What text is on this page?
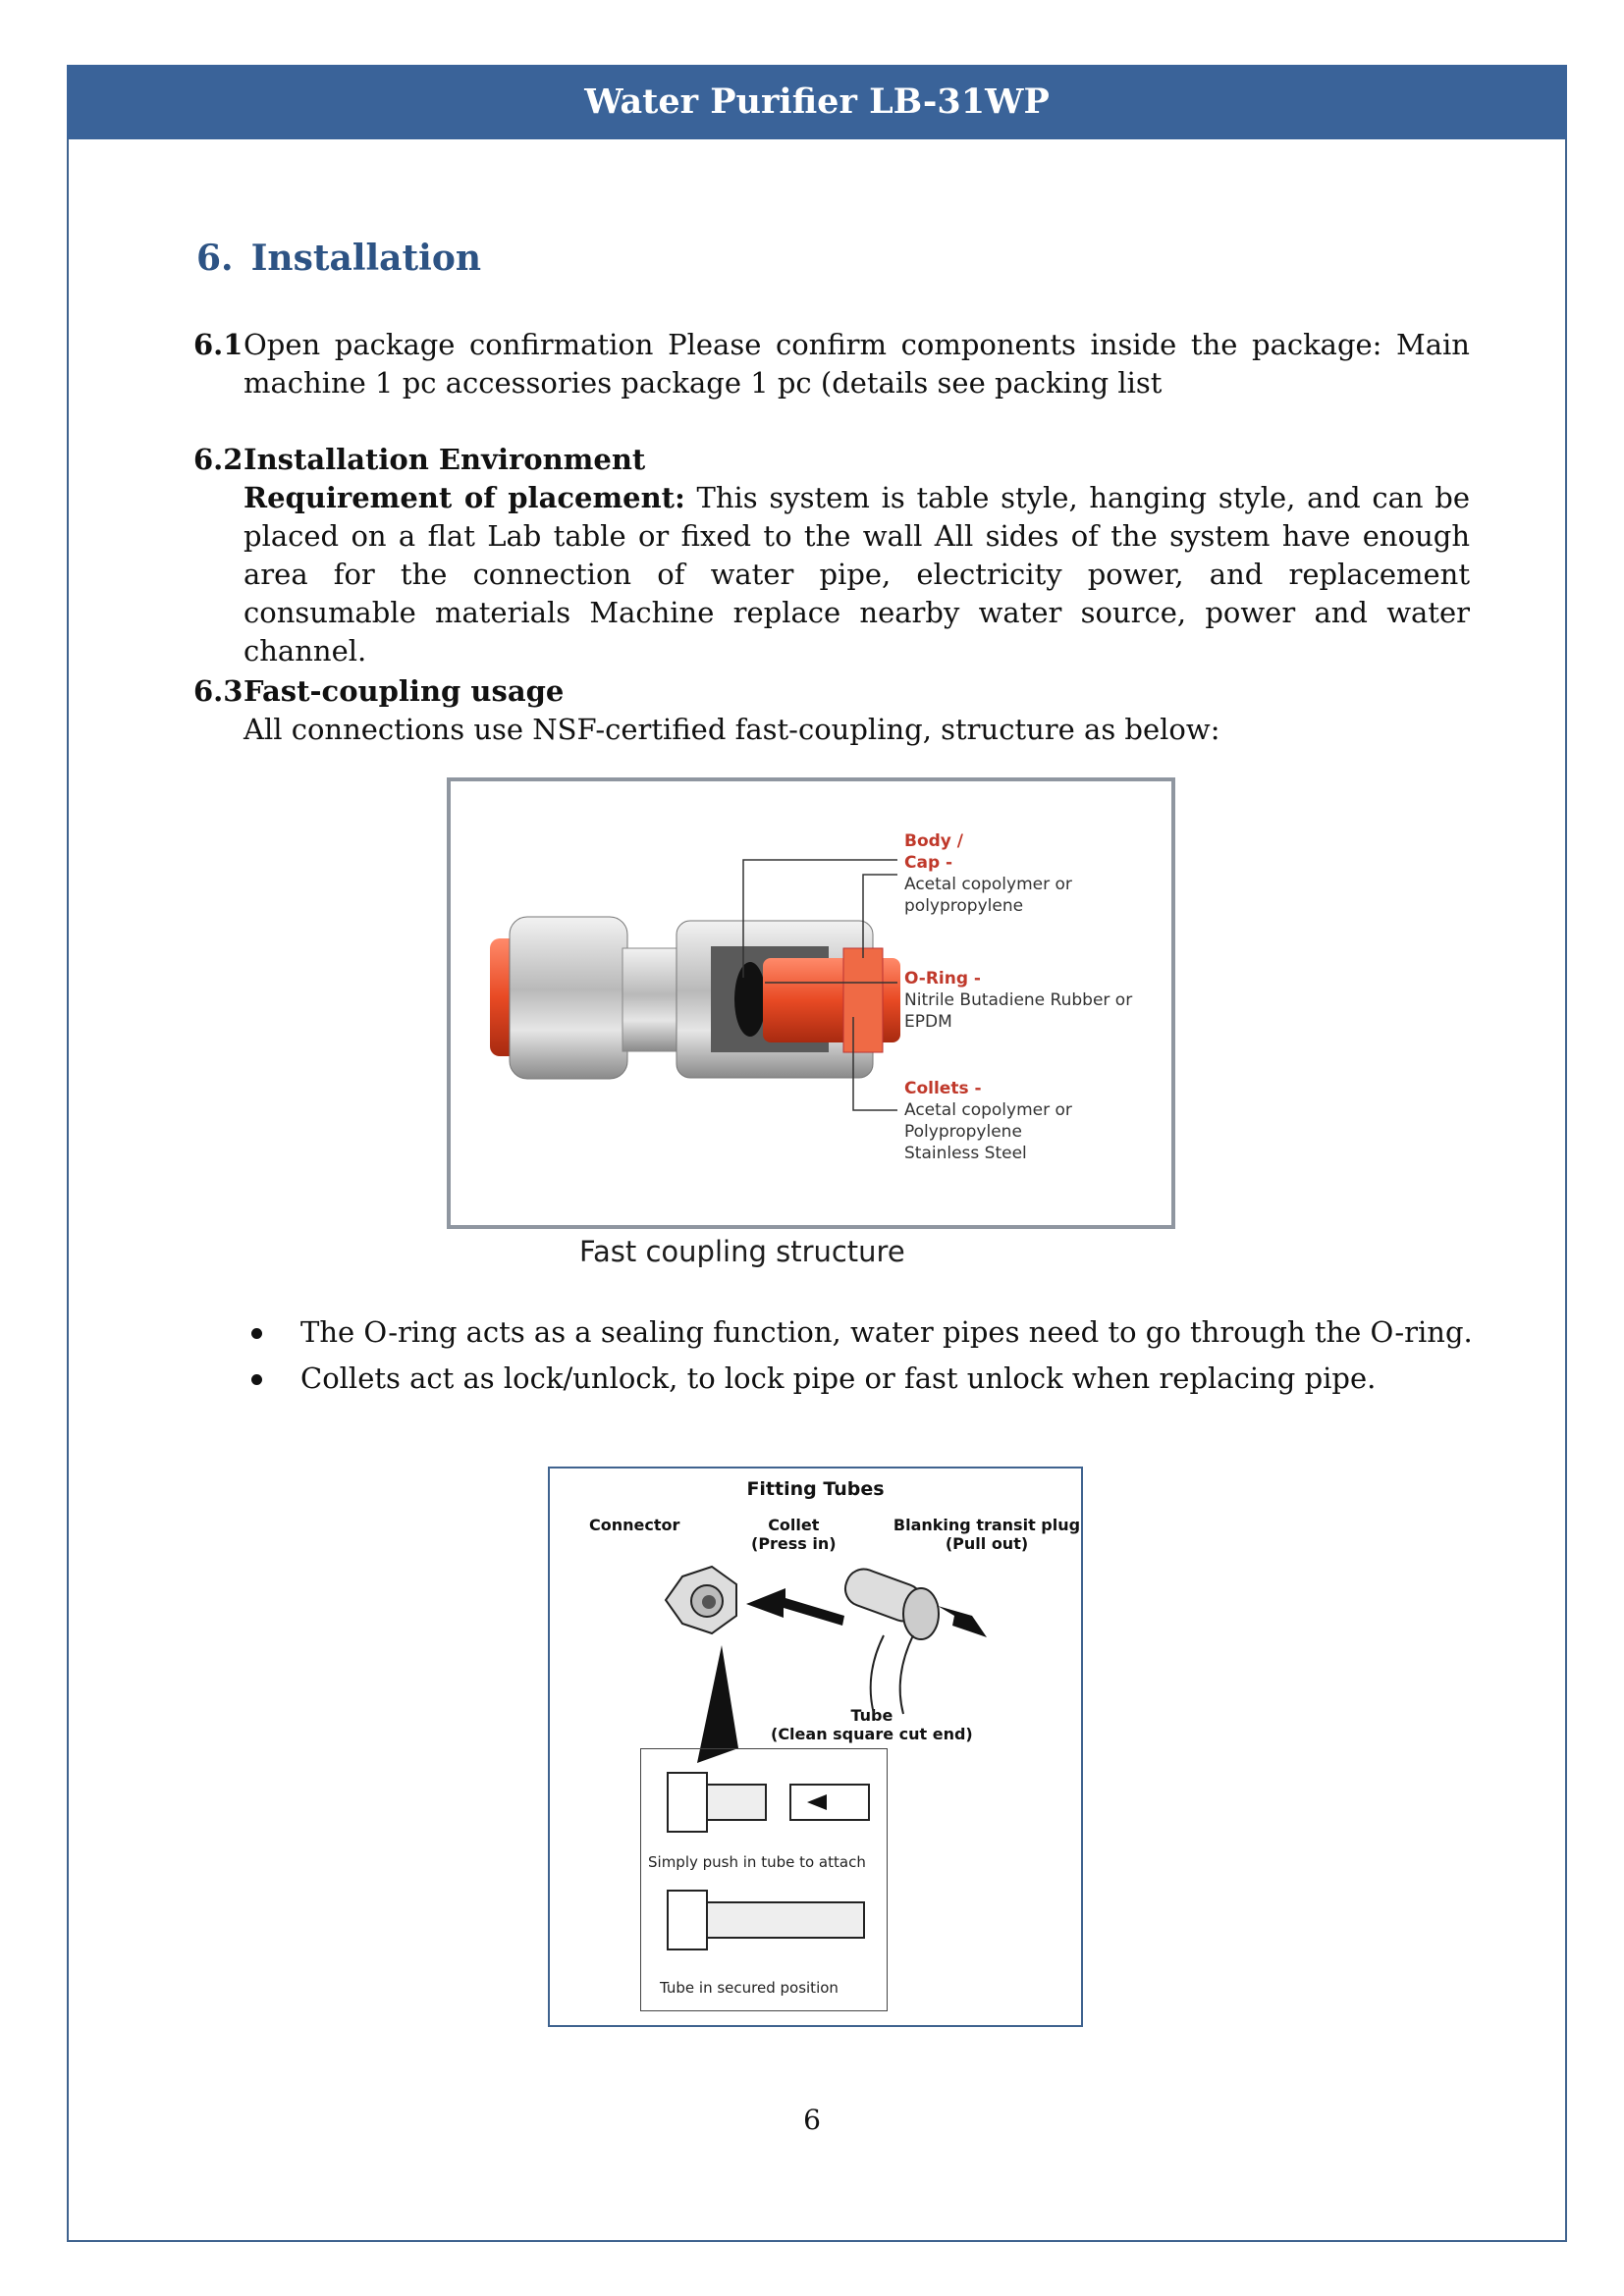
Water Purifier LB-31WP
6. Installation
6.1 Open package confirmation Please confirm components inside the package: Main machine 1 pc accessories package 1 pc (details see packing list
6.2 Installation Environment
Requirement of placement: This system is table style, hanging style, and can be placed on a flat Lab table or fixed to the wall All sides of the system have enough area for the connection of water pipe, electricity power, and replacement consumable materials Machine replace nearby water source, power and water channel.
6.3 Fast-coupling usage
All connections use NSF-certified fast-coupling, structure as below:
Body /
Cap -
Acetal copolymer or
polypropylene
O-Ring -
Nitrile Butadiene Rubber or
EPDM
Collets -
Acetal copolymer or
Polypropylene
Stainless Steel
Fast coupling structure
The O-ring acts as a sealing function, water pipes need to go through the O-ring.
Collets act as lock/unlock, to lock pipe or fast unlock when replacing pipe.
Fitting Tubes
Connector	Collet
(Press in)
Blanking transit plug
(Pull out)
Tube
(Clean square cut end)
Simply push in tube to attach
Tube in secured position
6
